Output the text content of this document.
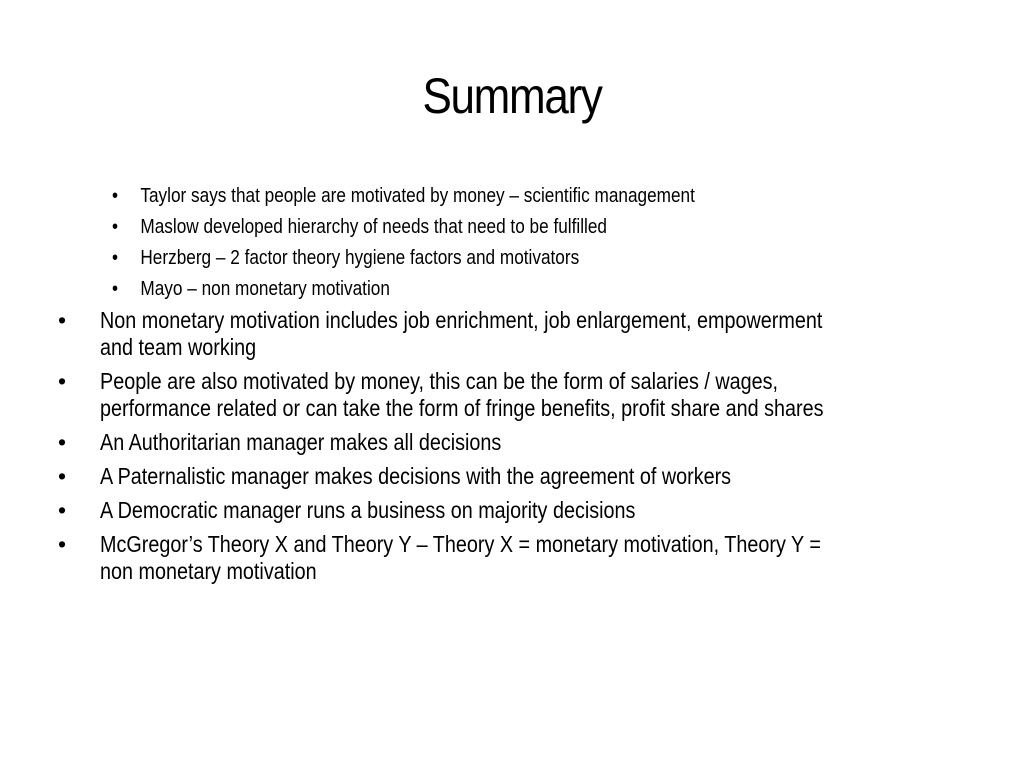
Summary
• Taylor says that people are motivated by money – scientific management
• Maslow developed hierarchy of needs that need to be fulfilled
• Herzberg – 2 factor theory hygiene factors and motivators
• Mayo – non monetary motivation
• Non monetary motivation includes job enrichment, job enlargement, empowerment
and team working
• People are also motivated by money, this can be the form of salaries / wages,
performance related or can take the form of fringe benefits, profit share and shares
• An Authoritarian manager makes all decisions
• A Paternalistic manager makes decisions with the agreement of workers
• A Democratic manager runs a business on majority decisions
• McGregor’s Theory X and Theory Y – Theory X = monetary motivation, Theory Y =
non monetary motivation
